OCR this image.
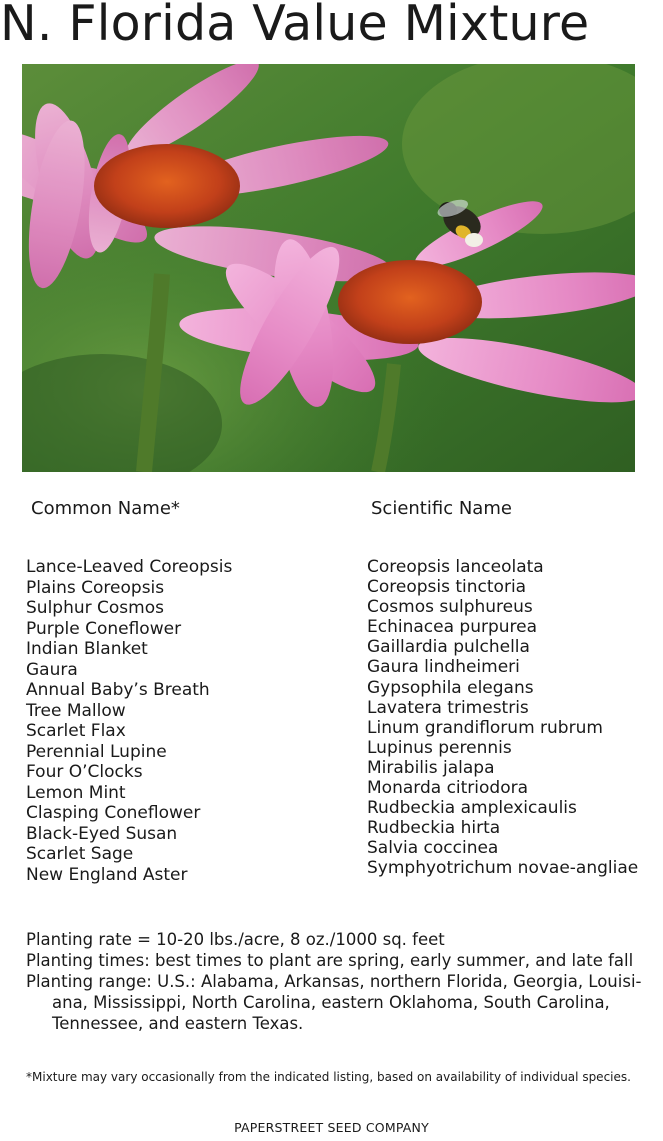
N. Florida Value Mixture
Common Name*	Scientific Name
Lance-Leaved Coreopsis
Plains Coreopsis
Sulphur Cosmos
Purple Coneflower
Indian Blanket
Gaura
Annual Baby’s Breath
Tree Mallow
Scarlet Flax
Perennial Lupine
Four O’Clocks
Lemon Mint
Clasping Coneflower
Black-Eyed Susan
Scarlet Sage
New England Aster
Coreopsis lanceolata
Coreopsis tinctoria
Cosmos sulphureus
Echinacea purpurea
Gaillardia pulchella
Gaura lindheimeri
Gypsophila elegans
Lavatera trimestris
Linum grandiflorum rubrum
Lupinus perennis
Mirabilis jalapa
Monarda citriodora
Rudbeckia amplexicaulis
Rudbeckia hirta
Salvia coccinea
Symphyotrichum novae-angliae
Planting rate = 10-20 lbs./acre, 8 oz./1000 sq. feet
Planting times: best times to plant are spring, early summer, and late fall
Planting range: U.S.: Alabama, Arkansas, northern Florida, Georgia, Louisi-ana, Mississippi, North Carolina, eastern Oklahoma, South Carolina, Tennessee, and eastern Texas.
*Mixture may vary occasionally from the indicated listing, based on availability of individual species.
PAPERSTREET SEED COMPANY
